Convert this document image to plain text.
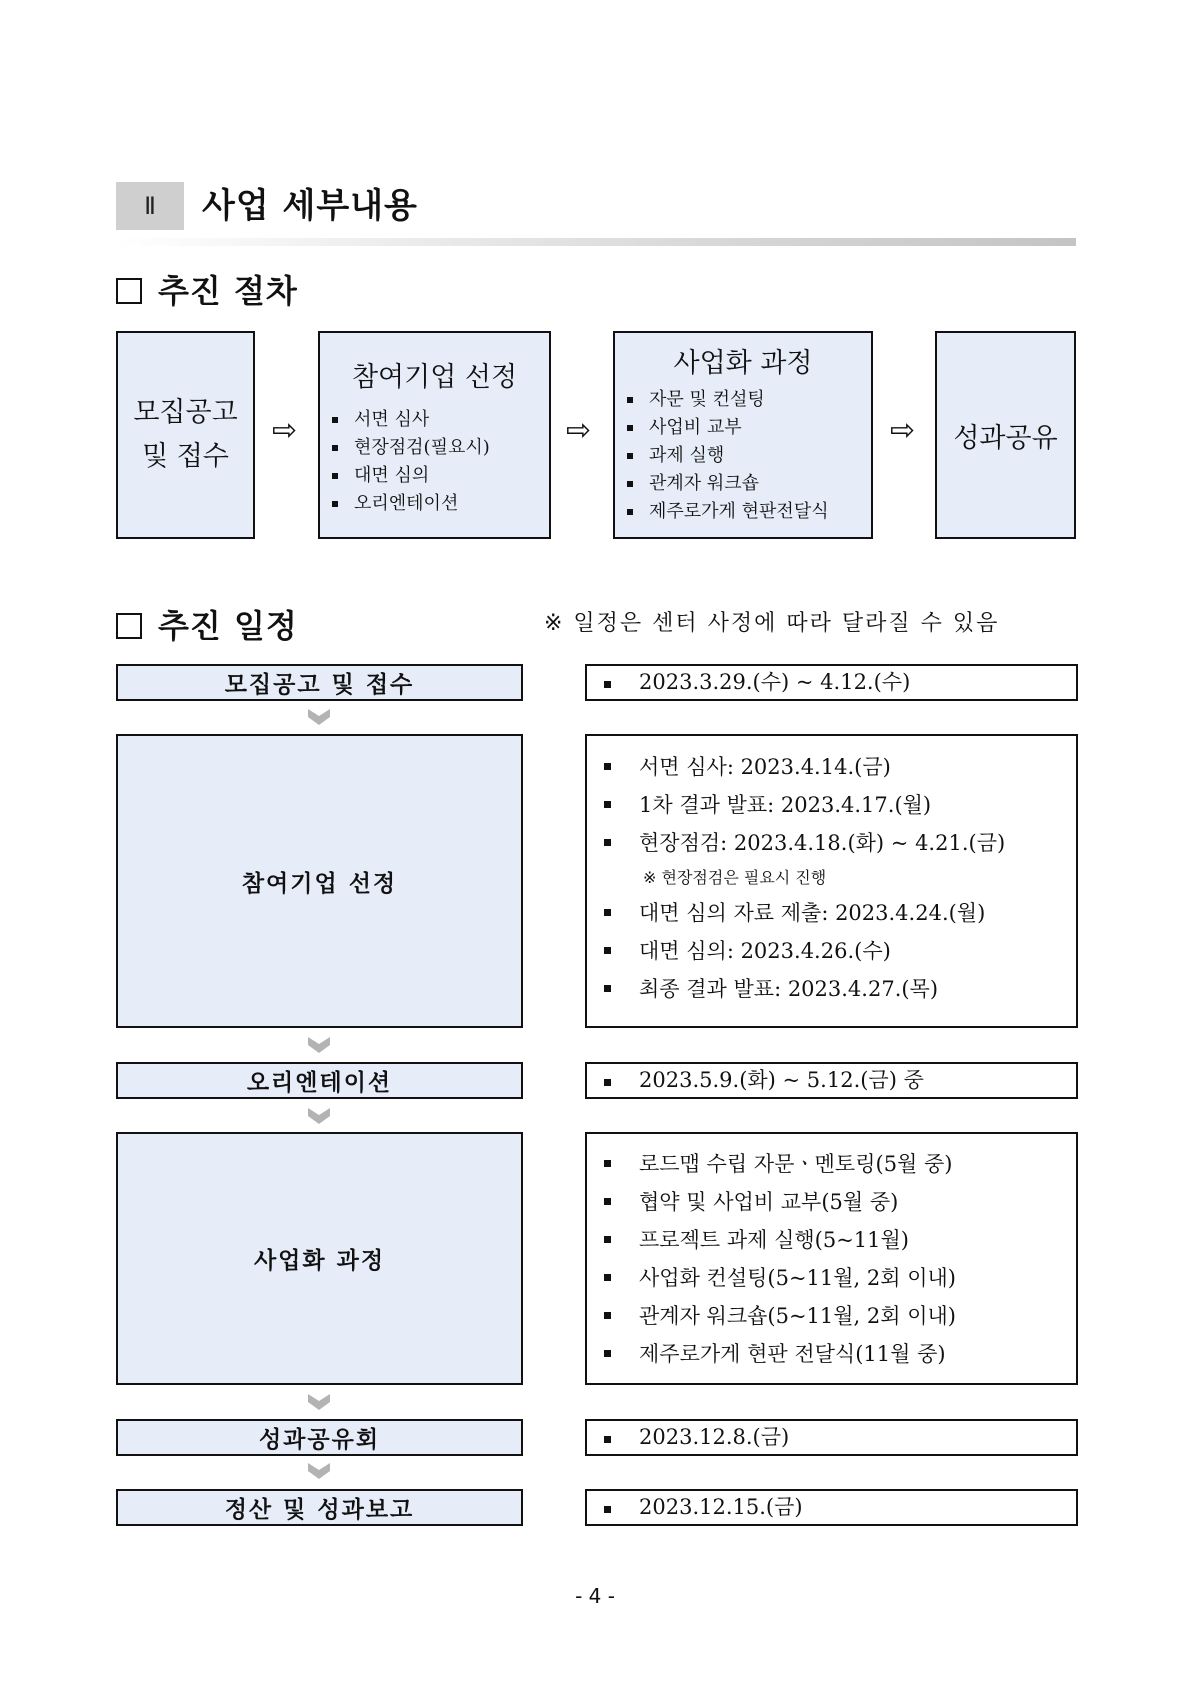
Ⅱ	사업 세부내용
추진 절차
모집공고
및 접수
⇨
참여기업 선정
서면 심사
현장점검(필요시)
대면 심의
오리엔테이션
⇨
사업화 과정
자문 및 컨설팅
사업비 교부
과제 실행
관계자 워크숍
제주로가게 현판전달식
⇨ 성과공유
추진 일정	※ 일정은 센터 사정에 따라 달라질 수 있음
모집공고 및 접수	2023.3.29.(수) ~ 4.12.(수)
참여기업 선정
서면 심사: 2023.4.14.(금)
1차 결과 발표: 2023.4.17.(월)
현장점검: 2023.4.18.(화) ~ 4.21.(금)
※ 현장점검은 필요시 진행
대면 심의 자료 제출: 2023.4.24.(월)
대면 심의: 2023.4.26.(수)
최종 결과 발표: 2023.4.27.(목)
오리엔테이션	2023.5.9.(화) ~ 5.12.(금) 중
사업화 과정
로드맵 수립 자문ㆍ멘토링(5월 중)
협약 및 사업비 교부(5월 중)
프로젝트 과제 실행(5~11월)
사업화 컨설팅(5~11월, 2회 이내)
관계자 워크숍(5~11월, 2회 이내)
제주로가게 현판 전달식(11월 중)
성과공유회	2023.12.8.(금)
정산 및 성과보고	2023.12.15.(금)
- 4 -
